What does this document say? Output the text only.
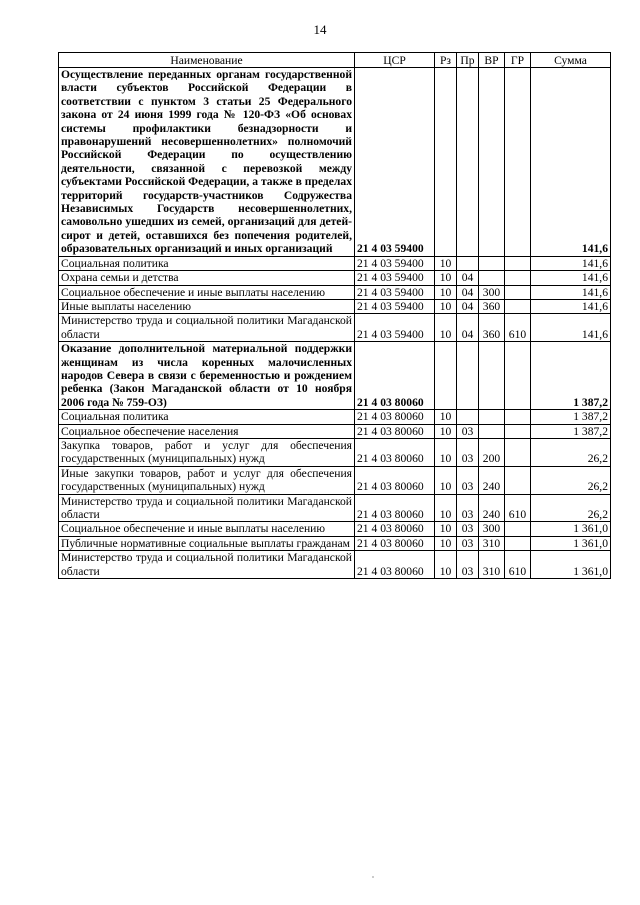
14
Наименование	ЦСР	Рз	Пр	ВР	ГР	Сумма
Осуществление переданных органам государственной власти субъектов Российской Федерации в соответствии с пунктом 3 статьи 25 Федерального закона от 24 июня 1999 года № 120-ФЗ «Об основах системы профилактики безнадзорности и правонарушений несовершеннолетних» полномочий Российской Федерации по осуществлению деятельности, связанной с перевозкой между субъектами Российской Федерации, а также в пределах территорий государств-участников Содружества Независимых Государств несовершеннолетних, самовольно ушедших из семей, организаций для детей-сирот и детей, оставшихся без попечения родителей, образовательных организаций и иных организаций	21 4 03 59400					141,6
Социальная политика	21 4 03 59400	10				141,6
Охрана семьи и детства	21 4 03 59400	10	04			141,6
Социальное обеспечение и иные выплаты населению	21 4 03 59400	10	04	300		141,6
Иные выплаты населению	21 4 03 59400	10	04	360		141,6
Министерство труда и социальной политики Магаданской области	21 4 03 59400	10	04	360	610	141,6
Оказание дополнительной материальной поддержки женщинам из числа коренных малочисленных народов Севера в связи с беременностью и рождением ребенка (Закон Магаданской области от 10 ноября 2006 года № 759-ОЗ)	21 4 03 80060					1 387,2
Социальная политика	21 4 03 80060	10				1 387,2
Социальное обеспечение населения	21 4 03 80060	10	03			1 387,2
Закупка товаров, работ и услуг для обеспечения государственных (муниципальных) нужд	21 4 03 80060	10	03	200		26,2
Иные закупки товаров, работ и услуг для обеспечения государственных (муниципальных) нужд	21 4 03 80060	10	03	240		26,2
Министерство труда и социальной политики Магаданской области	21 4 03 80060	10	03	240	610	26,2
Социальное обеспечение и иные выплаты населению	21 4 03 80060	10	03	300		1 361,0
Публичные нормативные социальные выплаты гражданам	21 4 03 80060	10	03	310		1 361,0
Министерство труда и социальной политики Магаданской области	21 4 03 80060	10	03	310	610	1 361,0
